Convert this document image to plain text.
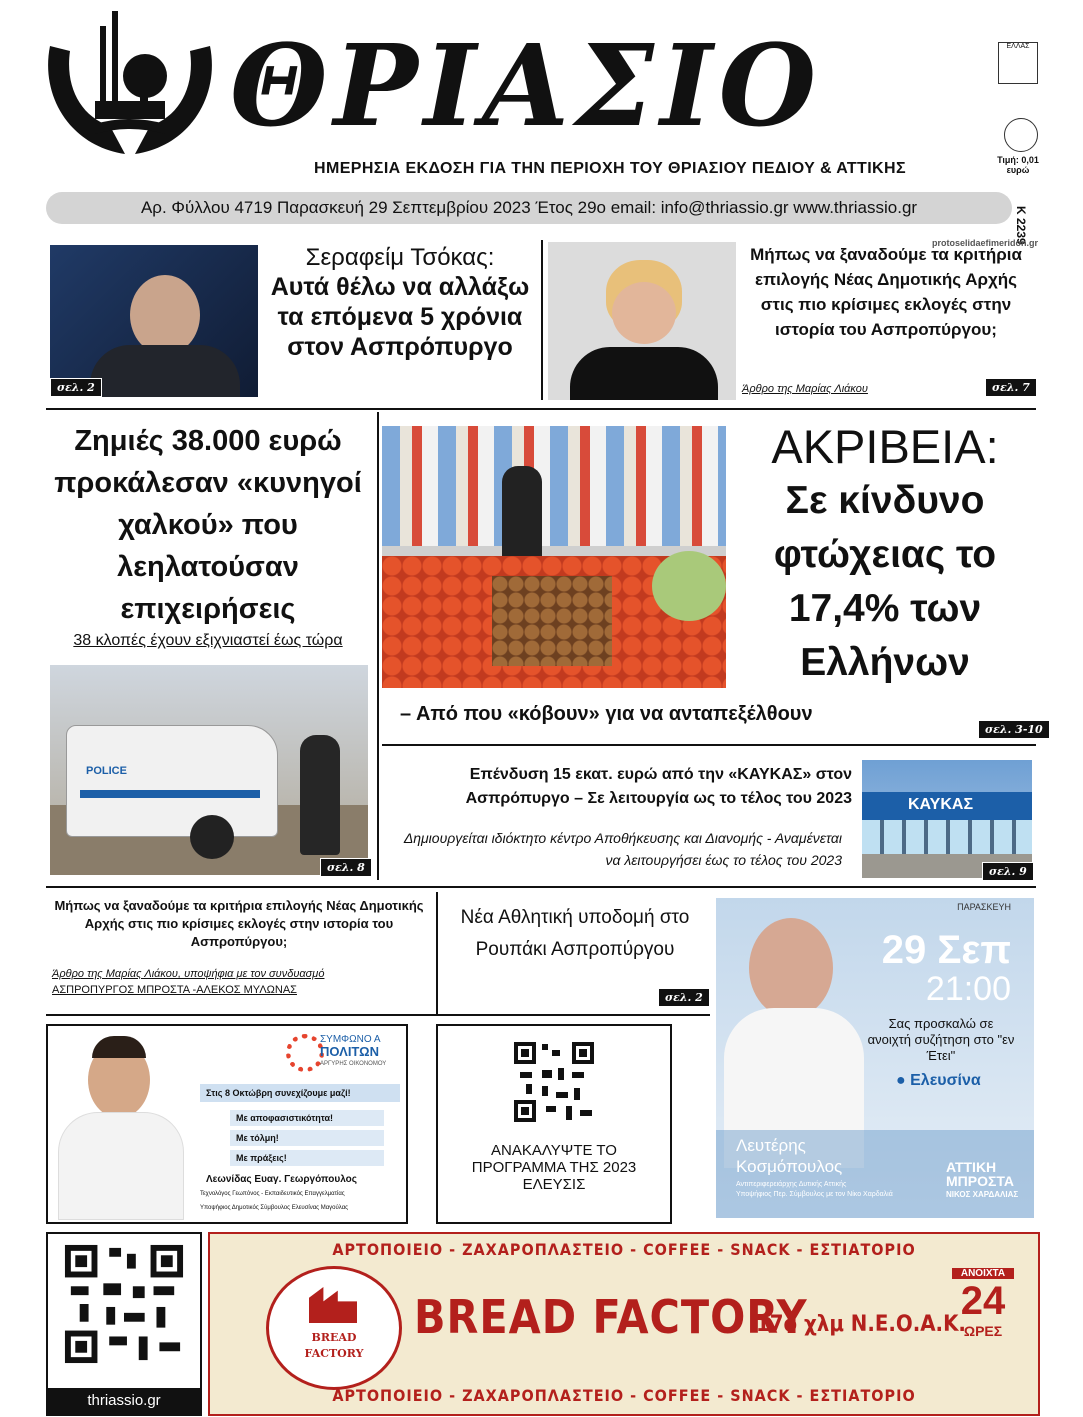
ΘΡΙΑΣΙΟ	ΕΛΛΑΣ
Τιμή: 0,01
ευρώ
Κ 2239
ΗΜΕΡΗΣΙΑ ΕΚΔΟΣΗ ΓΙΑ ΤΗΝ ΠΕΡΙΟΧΗ ΤΟΥ ΘΡΙΑΣΙΟΥ ΠΕΔΙΟΥ & ΑΤΤΙΚΗΣ
Αρ. Φύλλου 4719 Παρασκευή 29 Σεπτεμβρίου 2023 Έτος 29ο email: info@thriassio.gr www.thriassio.gr
protoselidaefimeridon.gr
σελ. 2
Σεραφείμ Τσόκας:
Αυτά θέλω να αλλάξω τα επόμενα 5 χρόνια στον Ασπρόπυργο
Μήπως να ξαναδούμε τα κριτήρια επιλογής Νέας Δημοτικής Αρχής στις πιο κρίσιμες εκλογές στην ιστορία του Ασπροπύργου;
Άρθρο της Μαρίας Λιάκου	σελ. 7
Ζημιές 38.000 ευρώ προκάλεσαν «κυνηγοί χαλκού» που λεηλατούσαν επιχειρήσεις
38 κλοπές έχουν εξιχνιαστεί έως τώρα
POLICE
σελ. 8
ΑΚΡΙΒΕΙΑ:
Σε κίνδυνο
φτώχειας το
17,4% των
Ελλήνων
– Από που «κόβουν» για να ανταπεξέλθουν
σελ. 3-10
Επένδυση 15 εκατ. ευρώ από την «ΚΑΥΚΑΣ» στον Ασπρόπυργο – Σε λειτουργία ως το τέλος του 2023
Δημιουργείται ιδιόκτητο κέντρο Αποθήκευσης και Διανομής - Αναμένεται να λειτουργήσει έως το τέλος του 2023
ΚΑΥΚΑΣ
σελ. 9
Μήπως να ξαναδούμε τα κριτήρια επιλογής Νέας Δημοτικής Αρχής στις πιο κρίσιμες εκλογές στην ιστορία του Ασπροπύργου;
Άρθρο της Μαρίας Λιάκου, υποψήφια με τον συνδυασμό
ΑΣΠΡΟΠΥΡΓΟΣ ΜΠΡΟΣΤΑ -ΑΛΕΚΟΣ ΜΥΛΩΝΑΣ
Νέα Αθλητική υποδομή στο Ρουπάκι Ασπροπύργου
σελ. 2
29 Σεπ
ΠΑΡΑΣΚΕΥΗ
21:00
Σας προσκαλώ σε ανοιχτή συζήτηση στο "εν Έτει"
● Ελευσίνα
Λευτέρης
Κοσμόπουλος
Αντιπεριφερειάρχης Δυτικής Αττικής
Υποψήφιος Περ. Σύμβουλος με τον Νίκο Χαρδαλιά
ΑΤΤΙΚΗ
ΜΠΡΟΣΤΑ
ΝΙΚΟΣ ΧΑΡΔΑΛΙΑΣ
ΣΥΜΦΩΝΟ Α
ΠΟΛΙΤΩΝ
ΑΡΓΥΡΗΣ ΟΙΚΟΝΟΜΟΥ
Στις 8 Οκτώβρη συνεχίζουμε μαζί!
Με αποφασιστικότητα!
Με τόλμη!
Με πράξεις!
Λεωνίδας Ευαγ. Γεωργόπουλος
Τεχνολόγος Γεωπόνος - Εκπαιδευτικός Επαγγελματίας
Υποψήφιος Δημοτικός Σύμβουλος Ελευσίνας Μαγούλας
ΑΝΑΚΑΛΥΨΤΕ ΤΟ ΠΡΟΓΡΑΜΜΑ ΤΗΣ 2023 ΕΛΕΥΣΙΣ
thriassio.gr
ΑΡΤΟΠΟΙΕΙΟ - ΖΑΧΑΡΟΠΛΑΣΤΕΙΟ - COFFEE - SNACK - ΕΣΤΙΑΤΟΡΙΟ
ΑΡΤΟΠΟΙΕΙΟ - ΖΑΧΑΡΟΠΛΑΣΤΕΙΟ - COFFEE - SNACK - ΕΣΤΙΑΤΟΡΙΟ
BREAD
FACTORY
BREAD FACTORY
17ο χλμ Ν.Ε.Ο.Α.Κ.
ΑΝΟΙΧΤΑ
24
ΩΡΕΣ
